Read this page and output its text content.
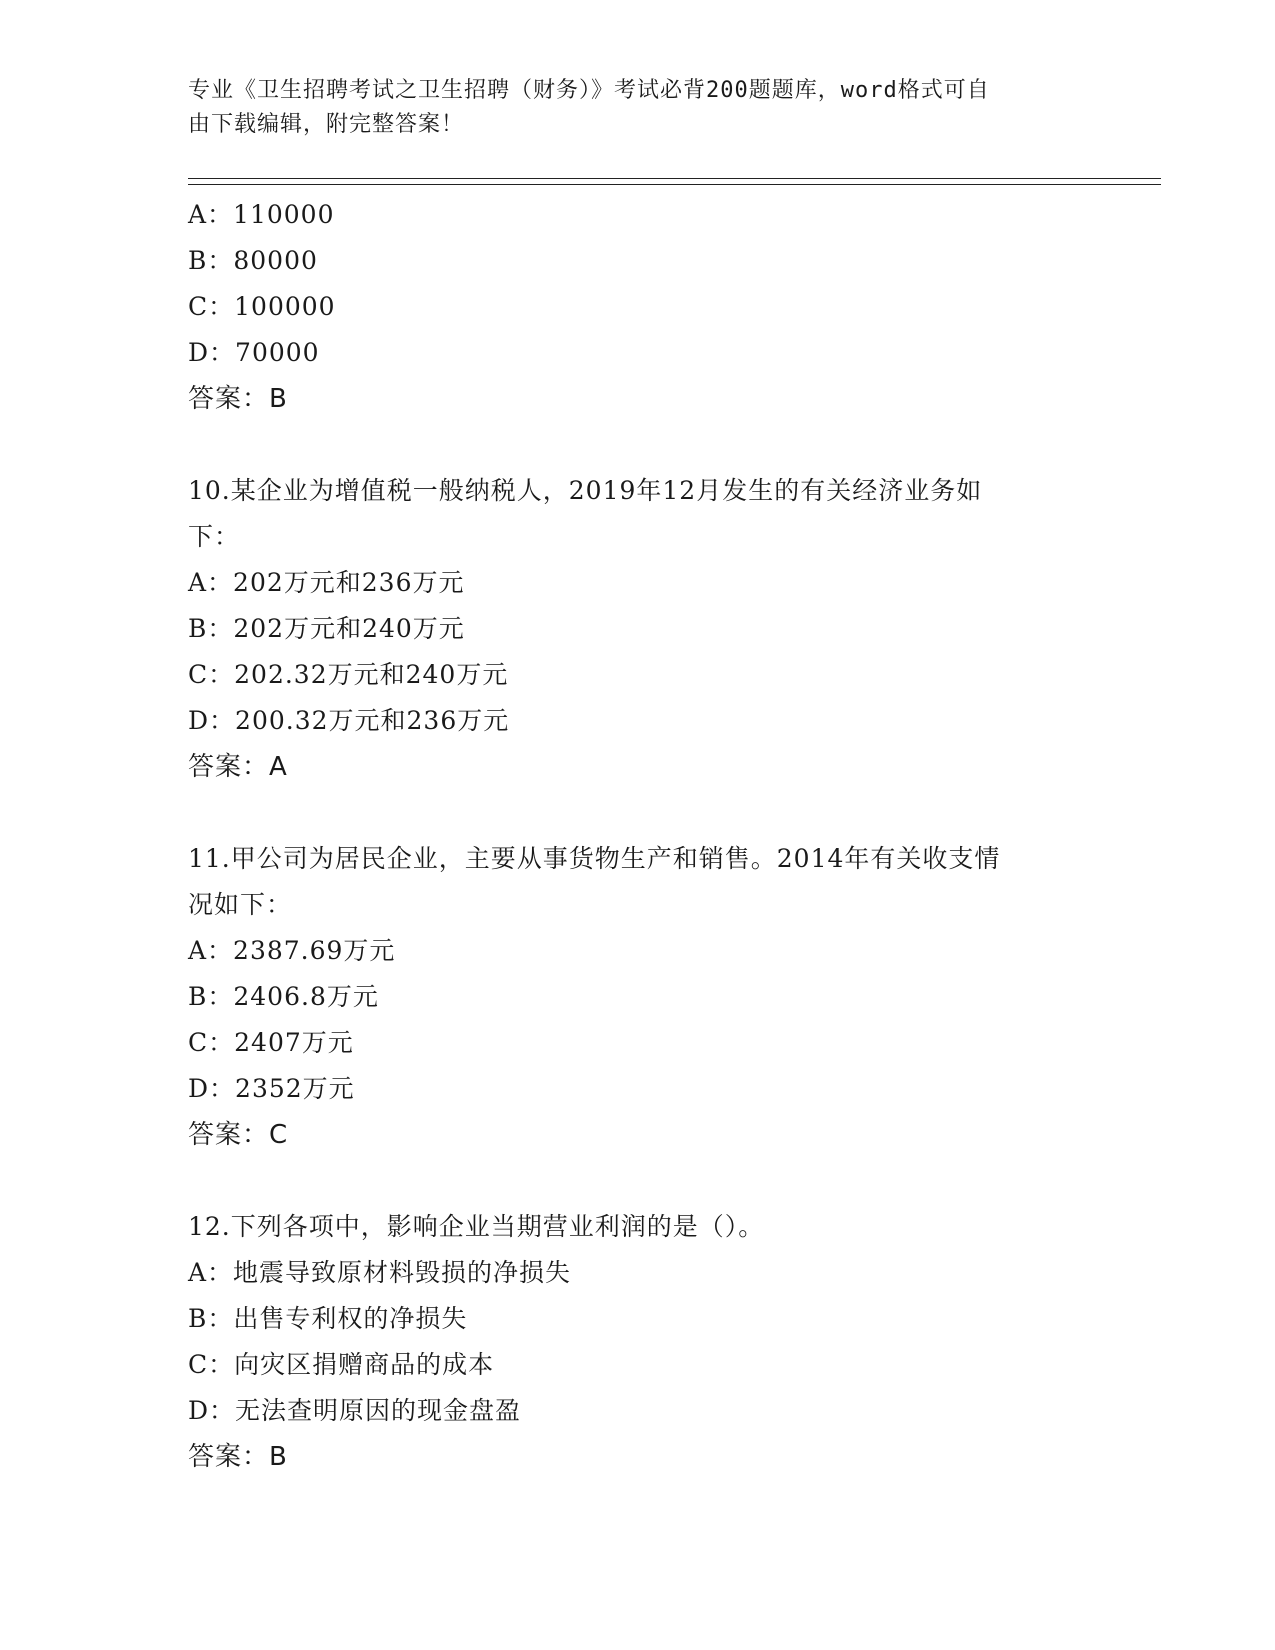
专业《卫生招聘考试之卫生招聘（财务）》考试必背200题题库，word格式可自
由下载编辑，附完整答案！
A：110000
B：80000
C：100000
D：70000
答案：B
10.某企业为增值税一般纳税人，2019年12月发生的有关经济业务如
下：
A：202万元和236万元
B：202万元和240万元
C：202.32万元和240万元
D：200.32万元和236万元
答案：A
11.甲公司为居民企业，主要从事货物生产和销售。2014年有关收支情
况如下：
A：2387.69万元
B：2406.8万元
C：2407万元
D：2352万元
答案：C
12.下列各项中，影响企业当期营业利润的是（）。
A：地震导致原材料毁损的净损失
B：出售专利权的净损失
C：向灾区捐赠商品的成本
D：无法查明原因的现金盘盈
答案：B
